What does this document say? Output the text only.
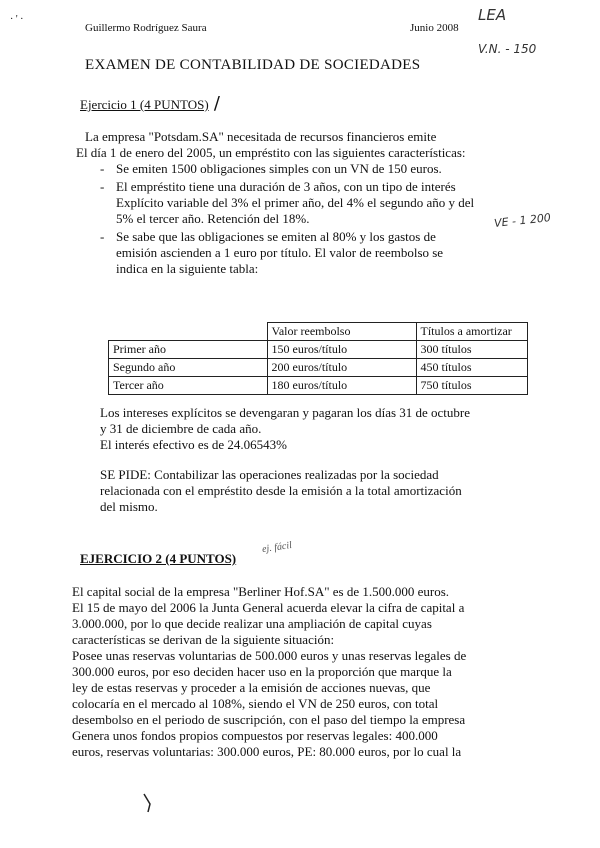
· ' ·
Guillermo Rodríguez Saura	Junio 2008
LEA
V.N. - 150
EXAMEN DE CONTABILIDAD DE SOCIEDADES
Ejercicio 1 (4 PUNTOS) /
La empresa "Potsdam.SA" necesitada de recursos financieros emite
El día 1 de enero del 2005, un empréstito con las siguientes características:
- Se emiten 1500 obligaciones simples con un VN de 150 euros.
- El empréstito tiene una duración de 3 años, con un tipo de interés
Explícito variable del 3% el primer año, del 4% el segundo año y del
5% el tercer año. Retención del 18%.
- Se sabe que las obligaciones se emiten al 80% y los gastos de
emisión ascienden a 1 euro por título. El valor de reembolso se
indica en la siguiente tabla:
VE - 1 200
	Valor reembolso	Títulos a amortizar
Primer año	150 euros/título	300 títulos
Segundo año	200 euros/título	450 títulos
Tercer año	180 euros/título	750 títulos
Los intereses explícitos se devengaran y pagaran los días 31 de octubre
y 31 de diciembre de cada año.
El interés efectivo es de 24.06543%
SE PIDE: Contabilizar las operaciones realizadas por la sociedad
relacionada con el empréstito desde la emisión a la total amortización
del mismo.
EJERCICIO 2 (4 PUNTOS)
ej. fácil
El capital social de la empresa "Berliner Hof.SA" es de 1.500.000 euros.
El 15 de mayo del 2006 la Junta General acuerda elevar la cifra de capital a
3.000.000, por lo que decide realizar una ampliación de capital cuyas
características se derivan de la siguiente situación:
Posee unas reservas voluntarias de 500.000 euros y unas reservas legales de
300.000 euros, por eso deciden hacer uso en la proporción que marque la
ley de estas reservas y proceder a la emisión de acciones nuevas, que
colocaría en el mercado al 108%, siendo el VN de 250 euros, con total
desembolso en el periodo de suscripción, con el paso del tiempo la empresa
Genera unos fondos propios compuestos por reservas legales: 400.000
euros, reservas voluntarias: 300.000 euros, PE: 80.000 euros, por lo cual la
